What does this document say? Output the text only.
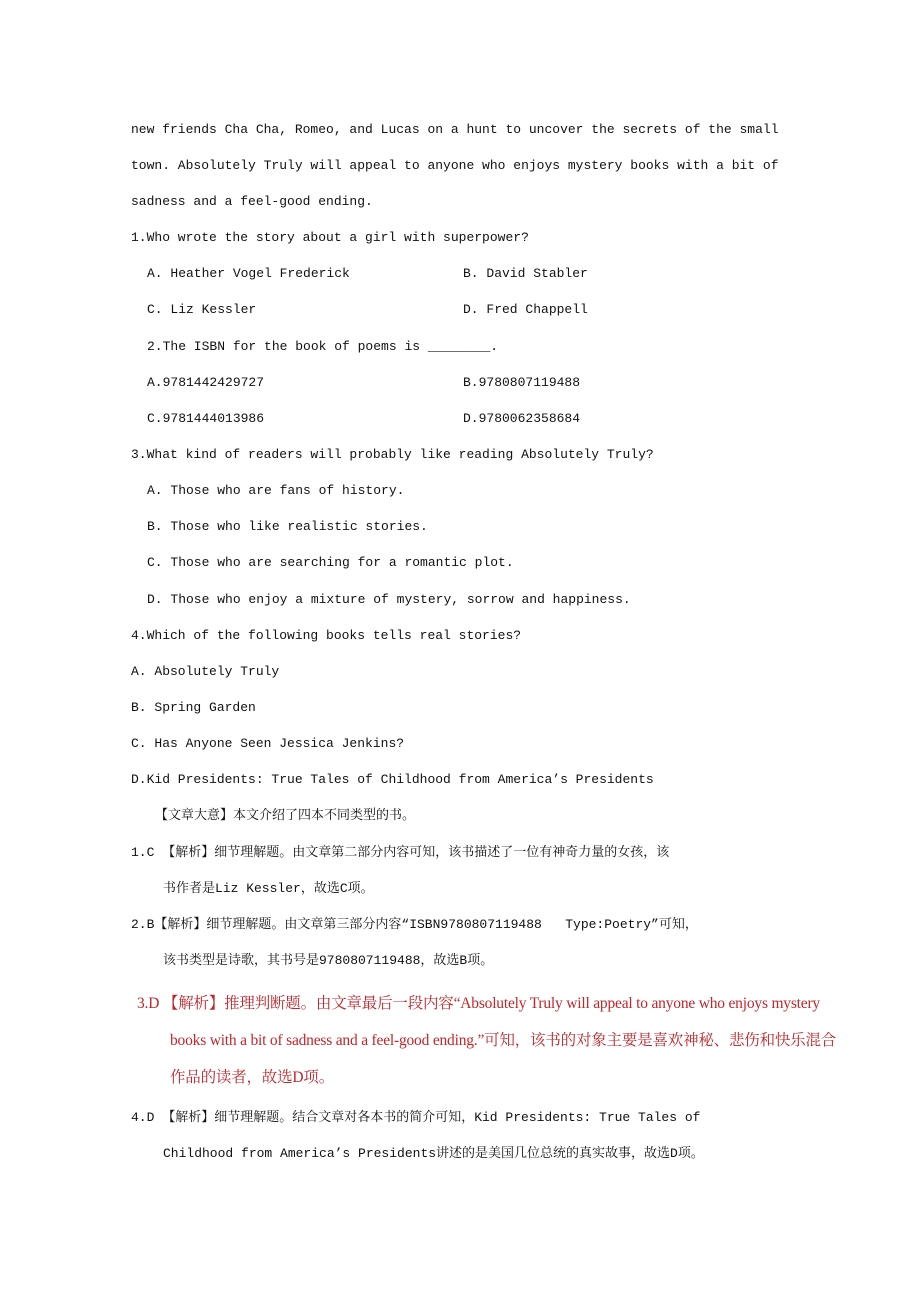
new friends Cha Cha, Romeo, and Lucas on a hunt to uncover the secrets of the small
town. Absolutely Truly will appeal to anyone who enjoys mystery books with a bit of
sadness and a feel-good ending.
1.Who wrote the story about a girl with superpower?
A. Heather Vogel Frederick	B. David Stabler
C. Liz Kessler	D. Fred Chappell
2.The ISBN for the book of poems is ________.
A.9781442429727	B.9780807119488
C.9781444013986	D.9780062358684
3.What kind of readers will probably like reading Absolutely Truly?
A. Those who are fans of history.
B. Those who like realistic stories.
C. Those who are searching for a romantic plot.
D. Those who enjoy a mixture of mystery, sorrow and happiness.
4.Which of the following books tells real stories?
A. Absolutely Truly
B. Spring Garden
C. Has Anyone Seen Jessica Jenkins?
D.Kid Presidents: True Tales of Childhood from America’s Presidents
【文章大意】本文介绍了四本不同类型的书。
1.C 【解析】细节理解题。由文章第二部分内容可知，该书描述了一位有神奇力量的女孩，该
书作者是Liz Kessler，故选C项。
2.B【解析】细节理解题。由文章第三部分内容“ISBN9780807119488   Type:Poetry”可知，
该书类型是诗歌，其书号是9780807119488，故选B项。
3.D 【解析】推理判断题。由文章最后一段内容“Absolutely Truly will appeal to anyone who enjoys mystery
books with a bit of sadness and a feel-good ending.”可知，该书的对象主要是喜欢神秘、悲伤和快乐混合
作品的读者，故选D项。
4.D 【解析】细节理解题。结合文章对各本书的简介可知，Kid Presidents: True Tales of
Childhood from America’s Presidents讲述的是美国几位总统的真实故事，故选D项。
